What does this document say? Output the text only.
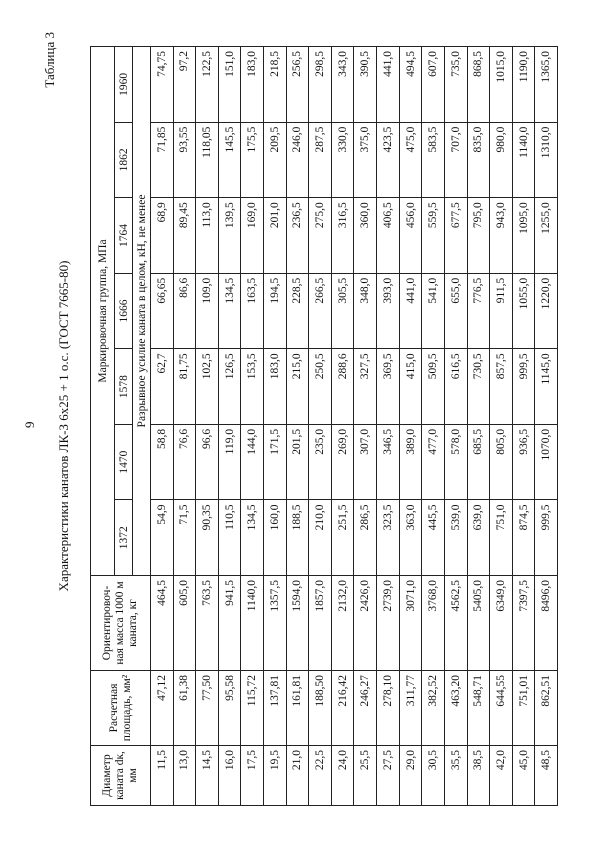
9
Таблица 3
Характеристики канатов ЛК-З 6х25 + 1 о.с. (ГОСТ 7665-80)
Диаметр каната dк, мм	Расчетная площадь, мм²	Ориентировоч-ная масса 1000 м каната, кг	Маркировочная группа, МПа						
			1372	1470	1578	1666	1764	1862	1960
			Разрывное усилие каната в целом, кН, не менее						
11,5	47,12	464,5	54,9	58,8	62,7	66,65	68,9	71,85	74,75
13,0	61,38	605,0	71,5	76,6	81,75	86,6	89,45	93,55	97,2
14,5	77,50	763,5	90,35	96,6	102,5	109,0	113,0	118,05	122,5
16,0	95,58	941,5	110,5	119,0	126,5	134,5	139,5	145,5	151,0
17,5	115,72	1140,0	134,5	144,0	153,5	163,5	169,0	175,5	183,0
19,5	137,81	1357,5	160,0	171,5	183,0	194,5	201,0	209,5	218,5
21,0	161,81	1594,0	188,5	201,5	215,0	228,5	236,5	246,0	256,5
22,5	188,50	1857,0	210,0	235,0	250,5	266,5	275,0	287,5	298,5
24,0	216,42	2132,0	251,5	269,0	288,6	305,5	316,5	330,0	343,0
25,5	246,27	2426,0	286,5	307,0	327,5	348,0	360,0	375,0	390,5
27,5	278,10	2739,0	323,5	346,5	369,5	393,0	406,5	423,5	441,0
29,0	311,77	3071,0	363,0	389,0	415,0	441,0	456,0	475,0	494,5
30,5	382,52	3768,0	445,5	477,0	509,5	541,0	559,5	583,5	607,0
35,5	463,20	4562,5	539,0	578,0	616,5	655,0	677,5	707,0	735,0
38,5	548,71	5405,0	639,0	685,5	730,5	776,5	795,0	835,0	868,5
42,0	644,55	6349,0	751,0	805,0	857,5	911,5	943,0	980,0	1015,0
45,0	751,01	7397,5	874,5	936,5	999,5	1055,0	1095,0	1140,0	1190,0
48,5	862,51	8496,0	999,5	1070,0	1145,0	1220,0	1255,0	1310,0	1365,0
